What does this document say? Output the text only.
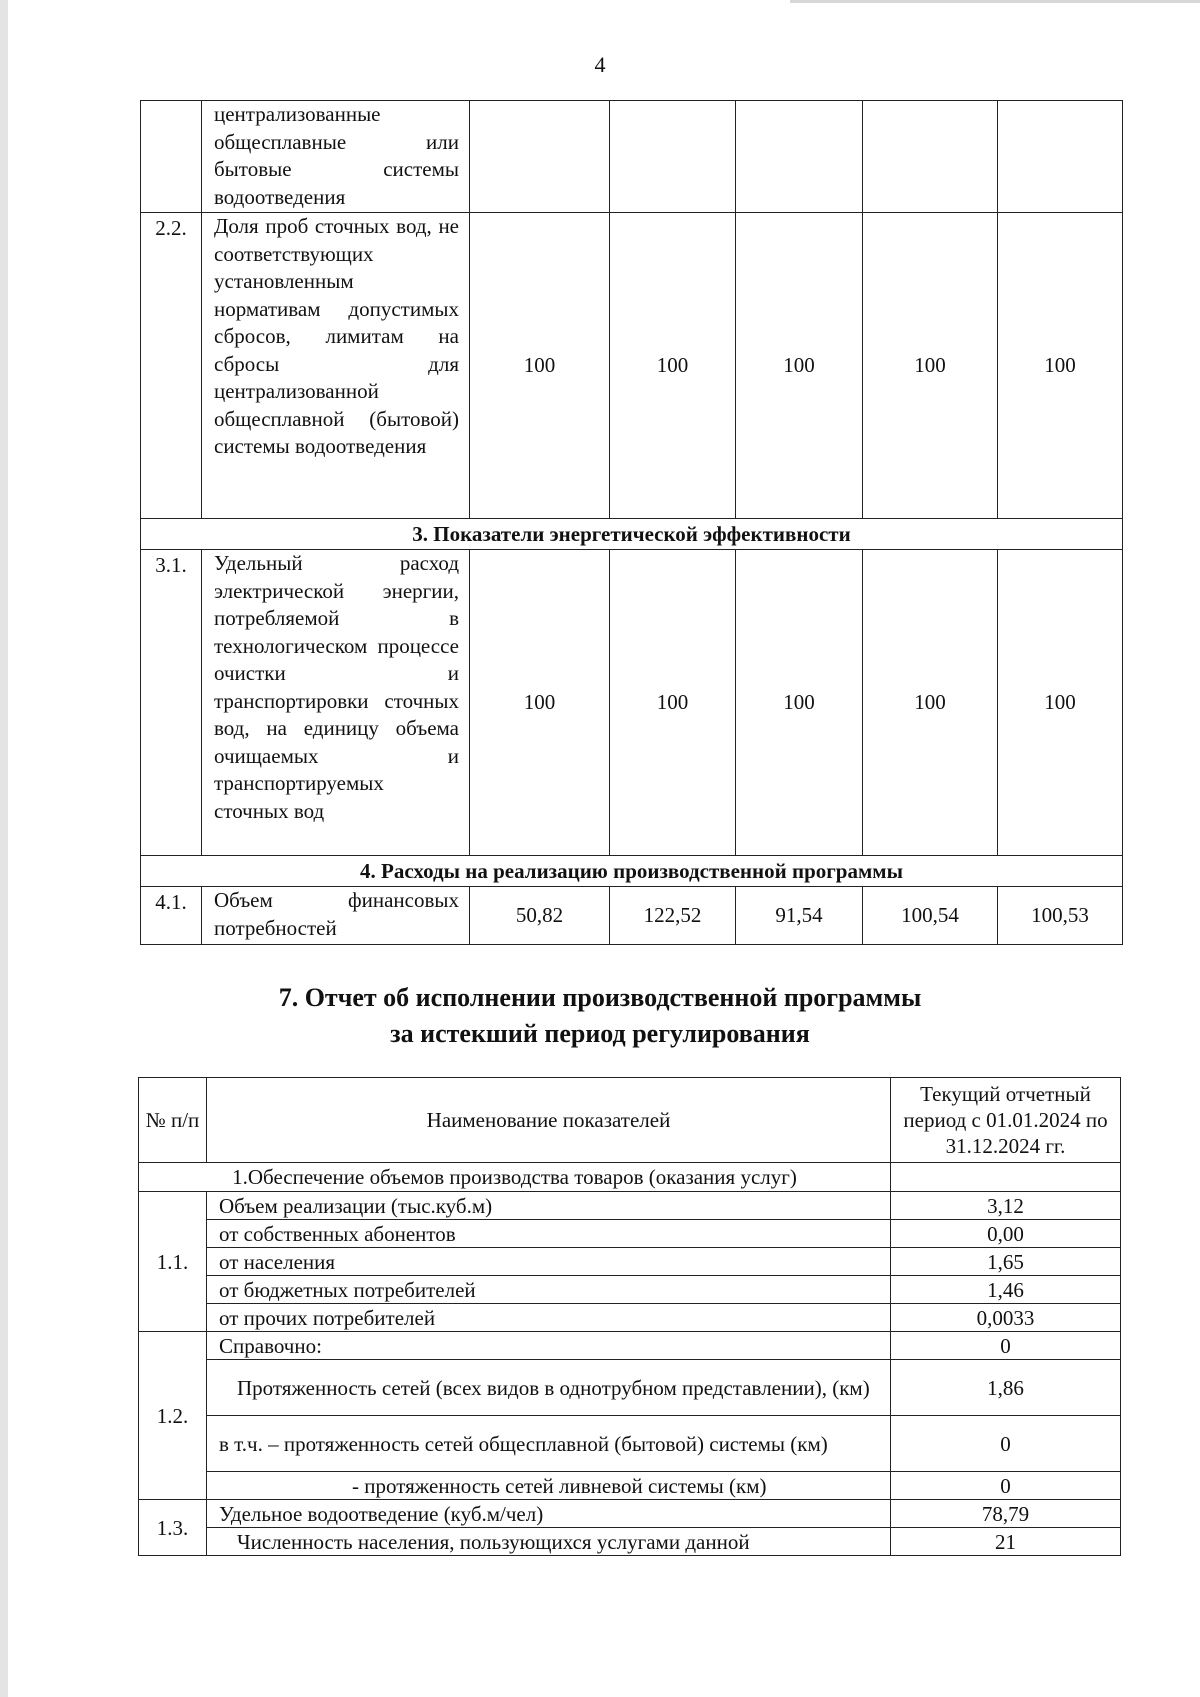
4
	централизованные общесплавные или бытовые системы водоотведения					
2.2.	Доля проб сточных вод, не соответствующих установленным нормативам допустимых сбросов, лимитам на сбросы для централизованной общесплавной (бытовой) системы водоотведения	100	100	100	100	100
3. Показатели энергетической эффективности						
3.1.	Удельный расход электрической энергии, потребляемой в технологическом процессе очистки и транспортировки сточных вод, на единицу объема очищаемых и транспортируемых сточных вод	100	100	100	100	100
4. Расходы на реализацию производственной программы						
4.1.	Объем финансовых потребностей	50,82	122,52	91,54	100,54	100,53
7. Отчет об исполнении производственной программы
за истекший период регулирования
№ п/п	Наименование показателей	Текущий отчетный период с 01.01.2024 по 31.12.2024 гг.
1.Обеспечение объемов производства товаров (оказания услуг)		
1.1.	Объем реализации (тыс.куб.м)	3,12
	от собственных абонентов	0,00
	от населения	1,65
	от бюджетных потребителей	1,46
	от прочих потребителей	0,0033
1.2.	Справочно:	0
	Протяженность сетей (всех видов в однотрубном представлении), (км)	1,86
	в т.ч. – протяженность сетей общесплавной (бытовой) системы (км)	0
	- протяженность сетей ливневой системы (км)	0
1.3.	Удельное водоотведение (куб.м/чел)	78,79
	Численность населения, пользующихся услугами данной	21
